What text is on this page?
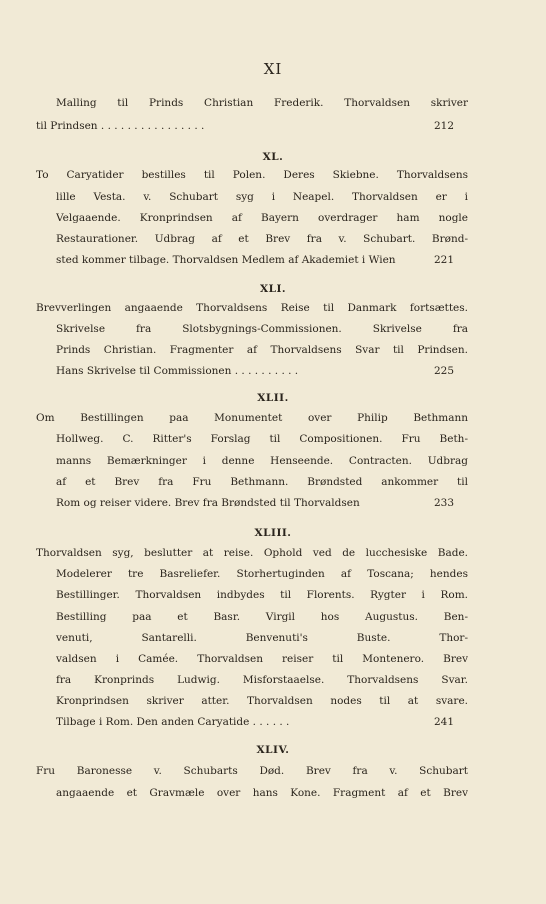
XI
Malling til Prinds Christian Frederik. Thorvaldsen skriver
til Prindsen . . . . . . . . . . . . . . . .	212
XL.
To Caryatider bestilles til Polen. Deres Skiebne. Thorvaldsens
lille Vesta. v. Schubart syg i Neapel. Thorvaldsen er i
Velgaaende. Kronprindsen af Bayern overdrager ham nogle
Restaurationer. Udbrag af et Brev fra v. Schubart. Brønd-
sted kommer tilbage. Thorvaldsen Medlem af Akademiet i Wien	221
XLI.
Brevverlingen angaaende Thorvaldsens Reise til Danmark fortsættes.
Skrivelse fra Slotsbygnings-Commissionen. Skrivelse fra
Prinds Christian. Fragmenter af Thorvaldsens Svar til Prindsen.
Hans Skrivelse til Commissionen . . . . . . . . . .	225
XLII.
Om Bestillingen paa Monumentet over Philip Bethmann
Hollweg. C. Ritter's Forslag til Compositionen. Fru Beth-
manns Bemærkninger i denne Henseende. Contracten. Udbrag
af et Brev fra Fru Bethmann. Brøndsted ankommer til
Rom og reiser videre. Brev fra Brøndsted til Thorvaldsen	233
XLIII.
Thorvaldsen syg, beslutter at reise. Ophold ved de lucchesiske Bade.
Modelerer tre Basreliefer. Storhertuginden af Toscana; hendes
Bestillinger. Thorvaldsen indbydes til Florents. Rygter i Rom.
Bestilling paa et Basr. Virgil hos Augustus. Ben-
venuti, Santarelli. Benvenuti's Buste. Thor-
valdsen i Camée. Thorvaldsen reiser til Montenero. Brev
fra Kronprinds Ludwig. Misforstaaelse. Thorvaldsens Svar.
Kronprindsen skriver atter. Thorvaldsen nodes til at svare.
Tilbage i Rom. Den anden Caryatide . . . . . .	241
XLIV.
Fru Baronesse v. Schubarts Død. Brev fra v. Schubart
angaaende et Gravmæle over hans Kone. Fragment af et Brev
